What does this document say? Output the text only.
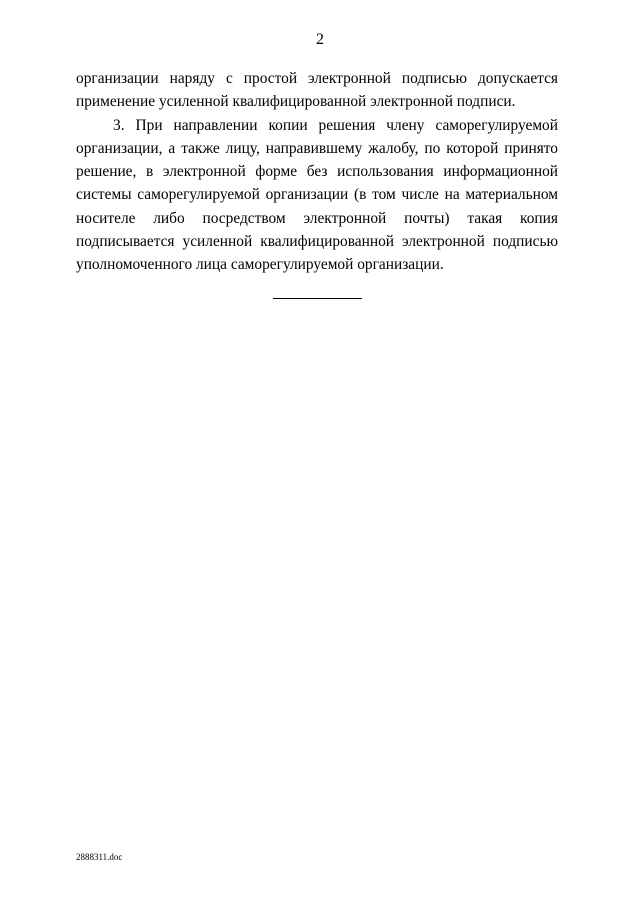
2

организации наряду с простой электронной подписью допускается применение усиленной квалифицированной электронной подписи.

3. При направлении копии решения члену саморегулируемой организации, а также лицу, направившему жалобу, по которой принято решение, в электронной форме без использования информационной системы саморегулируемой организации (в том числе на материальном носителе либо посредством электронной почты) такая копия подписывается усиленной квалифицированной электронной подписью уполномоченного лица саморегулируемой организации.

2888311.doc
